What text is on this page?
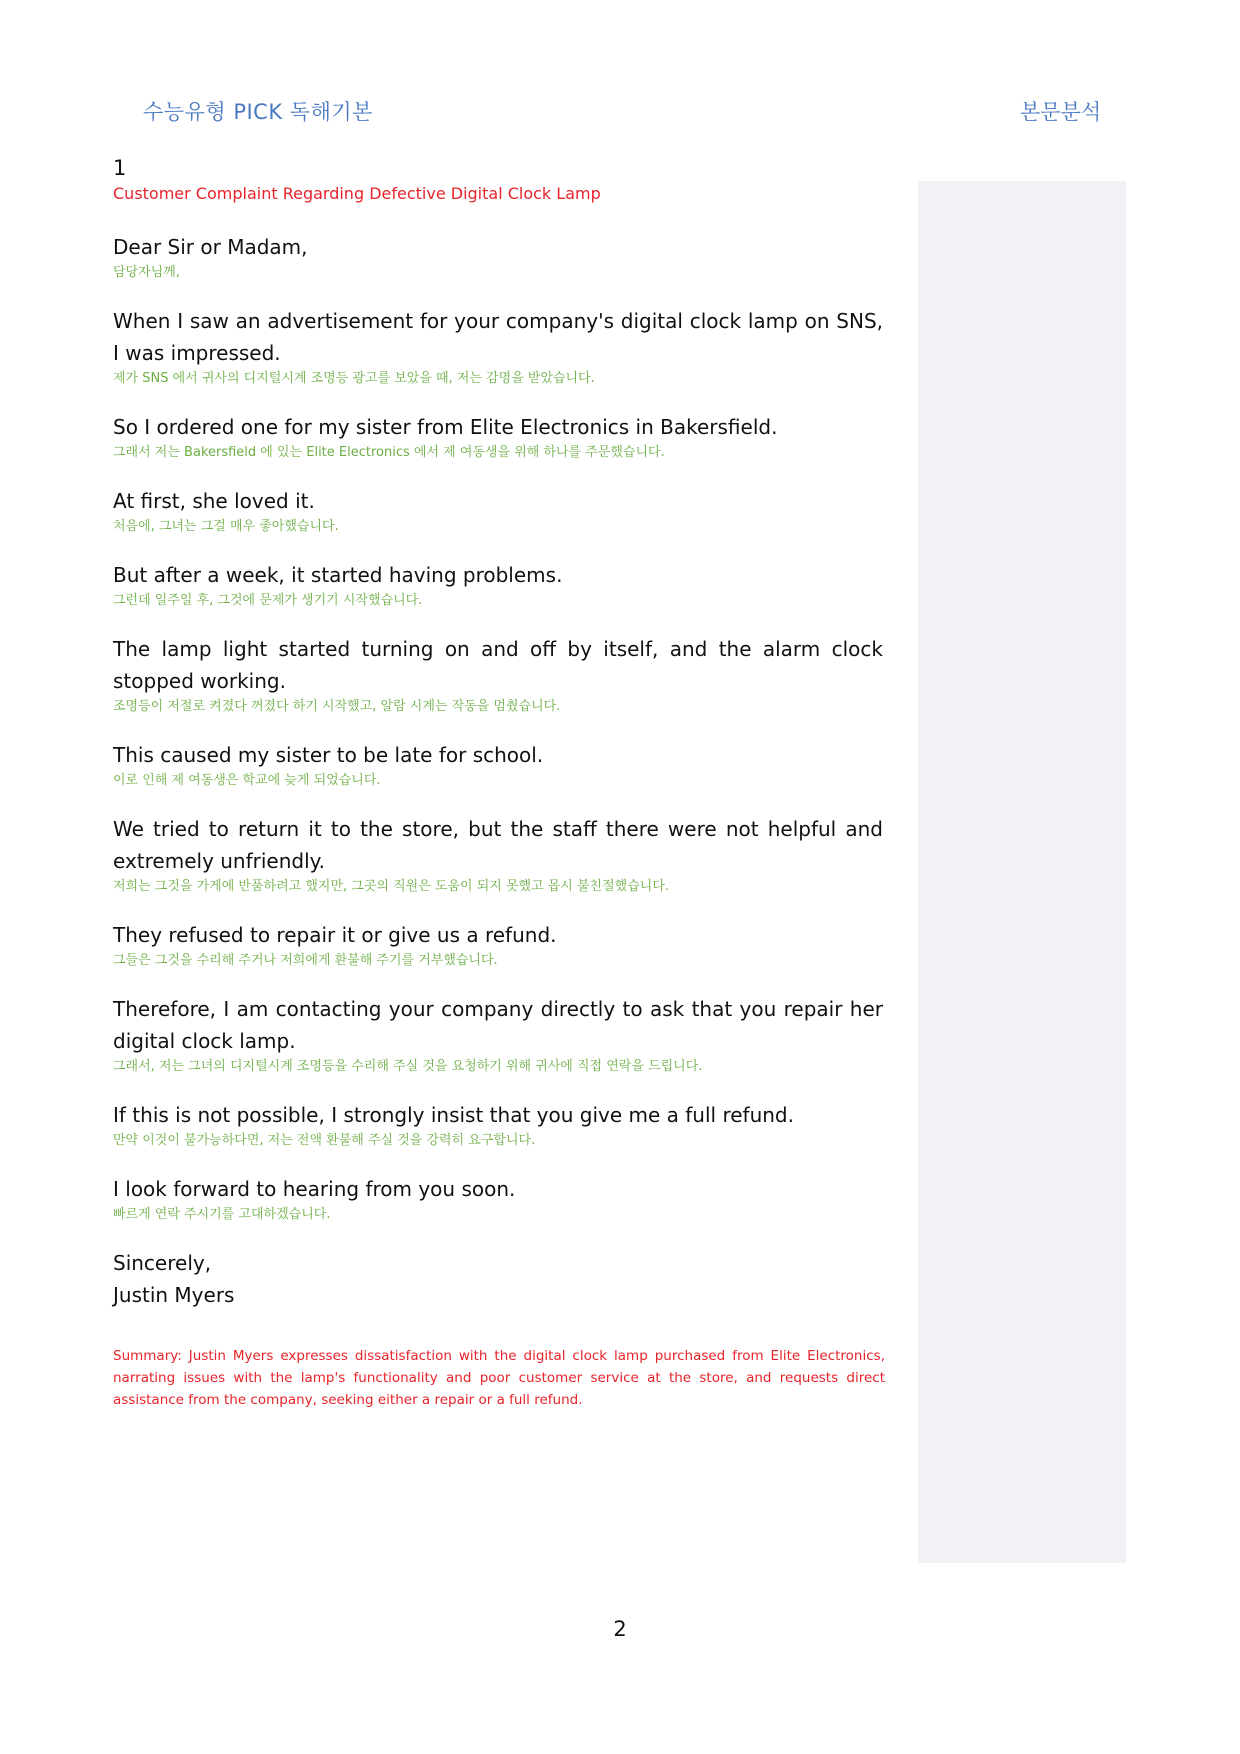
수능유형 PICK 독해기본	본문분석
1
Customer Complaint Regarding Defective Digital Clock Lamp
Dear Sir or Madam,
담당자님께,
When I saw an advertisement for your company's digital clock lamp on SNS, I was impressed.
제가 SNS 에서 귀사의 디지털시계 조명등 광고를 보았을 때, 저는 감명을 받았습니다.
So I ordered one for my sister from Elite Electronics in Bakersfield.
그래서 저는 Bakersfield 에 있는 Elite Electronics 에서 제 여동생을 위해 하나를 주문했습니다.
At first, she loved it.
처음에, 그녀는 그걸 매우 좋아했습니다.
But after a week, it started having problems.
그런데 일주일 후, 그것에 문제가 생기기 시작했습니다.
The lamp light started turning on and off by itself, and the alarm clock stopped working.
조명등이 저절로 켜졌다 꺼졌다 하기 시작했고, 알람 시계는 작동을 멈췄습니다.
This caused my sister to be late for school.
이로 인해 제 여동생은 학교에 늦게 되었습니다.
We tried to return it to the store, but the staff there were not helpful and extremely unfriendly.
저희는 그것을 가게에 반품하려고 했지만, 그곳의 직원은 도움이 되지 못했고 몹시 불친절했습니다.
They refused to repair it or give us a refund.
그들은 그것을 수리해 주거나 저희에게 환불해 주기를 거부했습니다.
Therefore, I am contacting your company directly to ask that you repair her digital clock lamp.
그래서, 저는 그녀의 디지털시계 조명등을 수리해 주실 것을 요청하기 위해 귀사에 직접 연락을 드립니다.
If this is not possible, I strongly insist that you give me a full refund.
만약 이것이 불가능하다면, 저는 전액 환불해 주실 것을 강력히 요구합니다.
I look forward to hearing from you soon.
빠르게 연락 주시기를 고대하겠습니다.
Sincerely,
Justin Myers
Summary: Justin Myers expresses dissatisfaction with the digital clock lamp purchased from Elite Electronics, narrating issues with the lamp's functionality and poor customer service at the store, and requests direct assistance from the company, seeking either a repair or a full refund.
2
